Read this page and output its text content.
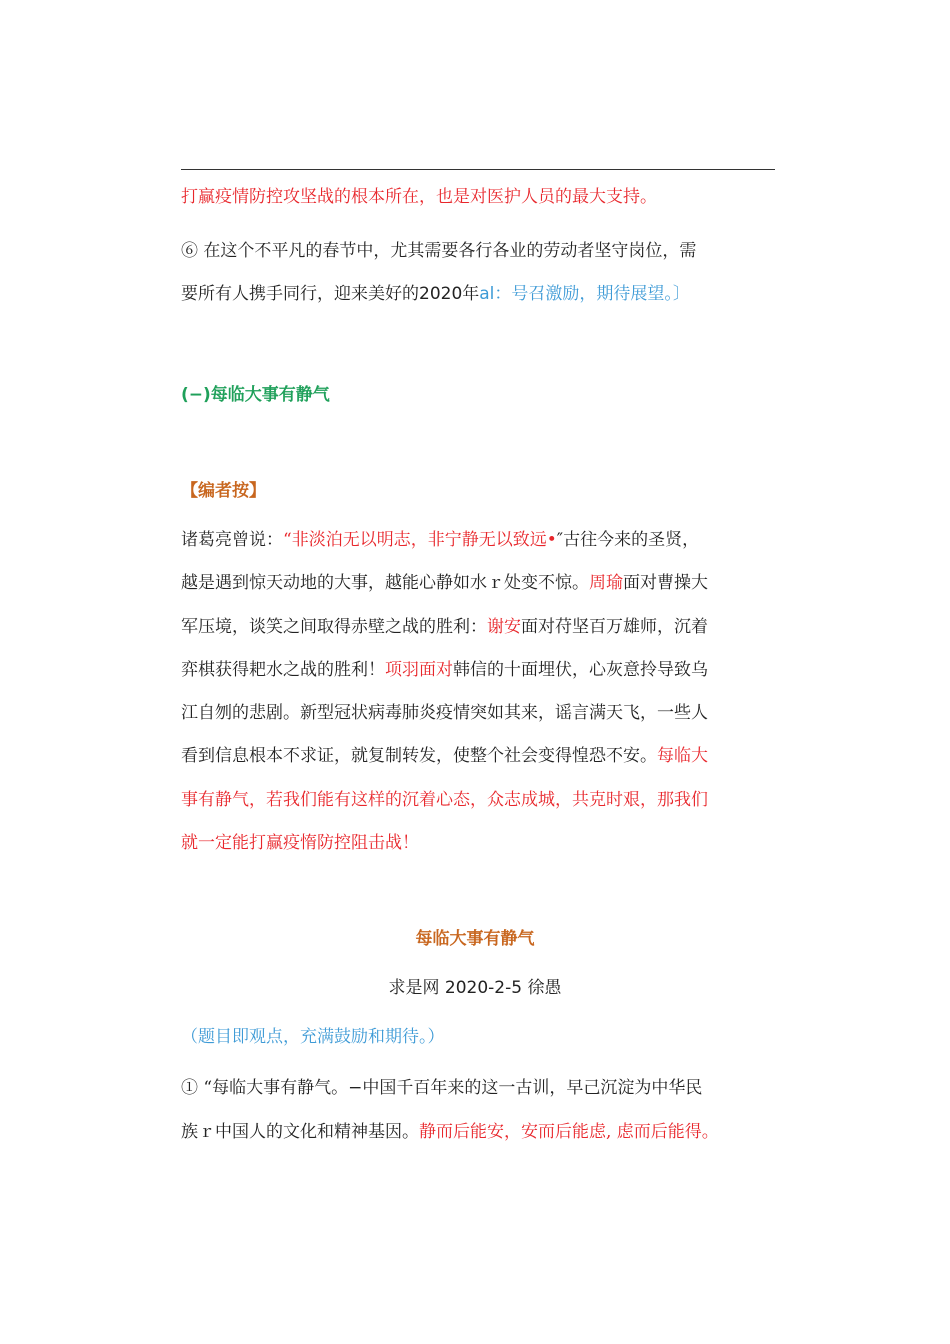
打赢疫情防控攻坚战的根本所在，也是对医护人员的最大支持。
⑥ 在这个不平凡的春节中，尤其需要各行各业的劳动者坚守岗位，需
要所有人携手同行，迎来美好的2020年al：号召激励，期待展望。〕
(−)每临大事有静气
【编者按】
诸葛亮曾说：“非淡泊无以明志，非宁静无以致远•″古往今来的圣贤，
越是遇到惊天动地的大事，越能心静如水ｒ处变不惊。周瑜面对曹操大
军压境，谈笑之间取得赤壁之战的胜利：谢安面对苻坚百万雄师，沉着
弈棋获得耙水之战的胜利！项羽面对韩信的十面埋伏，心灰意拎导致乌
江自刎的悲剧。新型冠状病毒肺炎疫情突如其来，谣言满天飞，一些人
看到信息根本不求证，就复制转发，使整个社会变得惶恐不安。每临大
事有静气，若我们能有这样的沉着心态，众志成城，共克时艰，那我们
就一定能打赢疫惰防控阻击战！
每临大事有静气
求是网 2020-2-5 徐愚
（题目即观点，充满鼓励和期待。）
① “每临大事有静气。−中国千百年来的这一古训，早己沉淀为中华民
族ｒ中国人的文化和精神基因。静而后能安，安而后能虑, 虑而后能得。
